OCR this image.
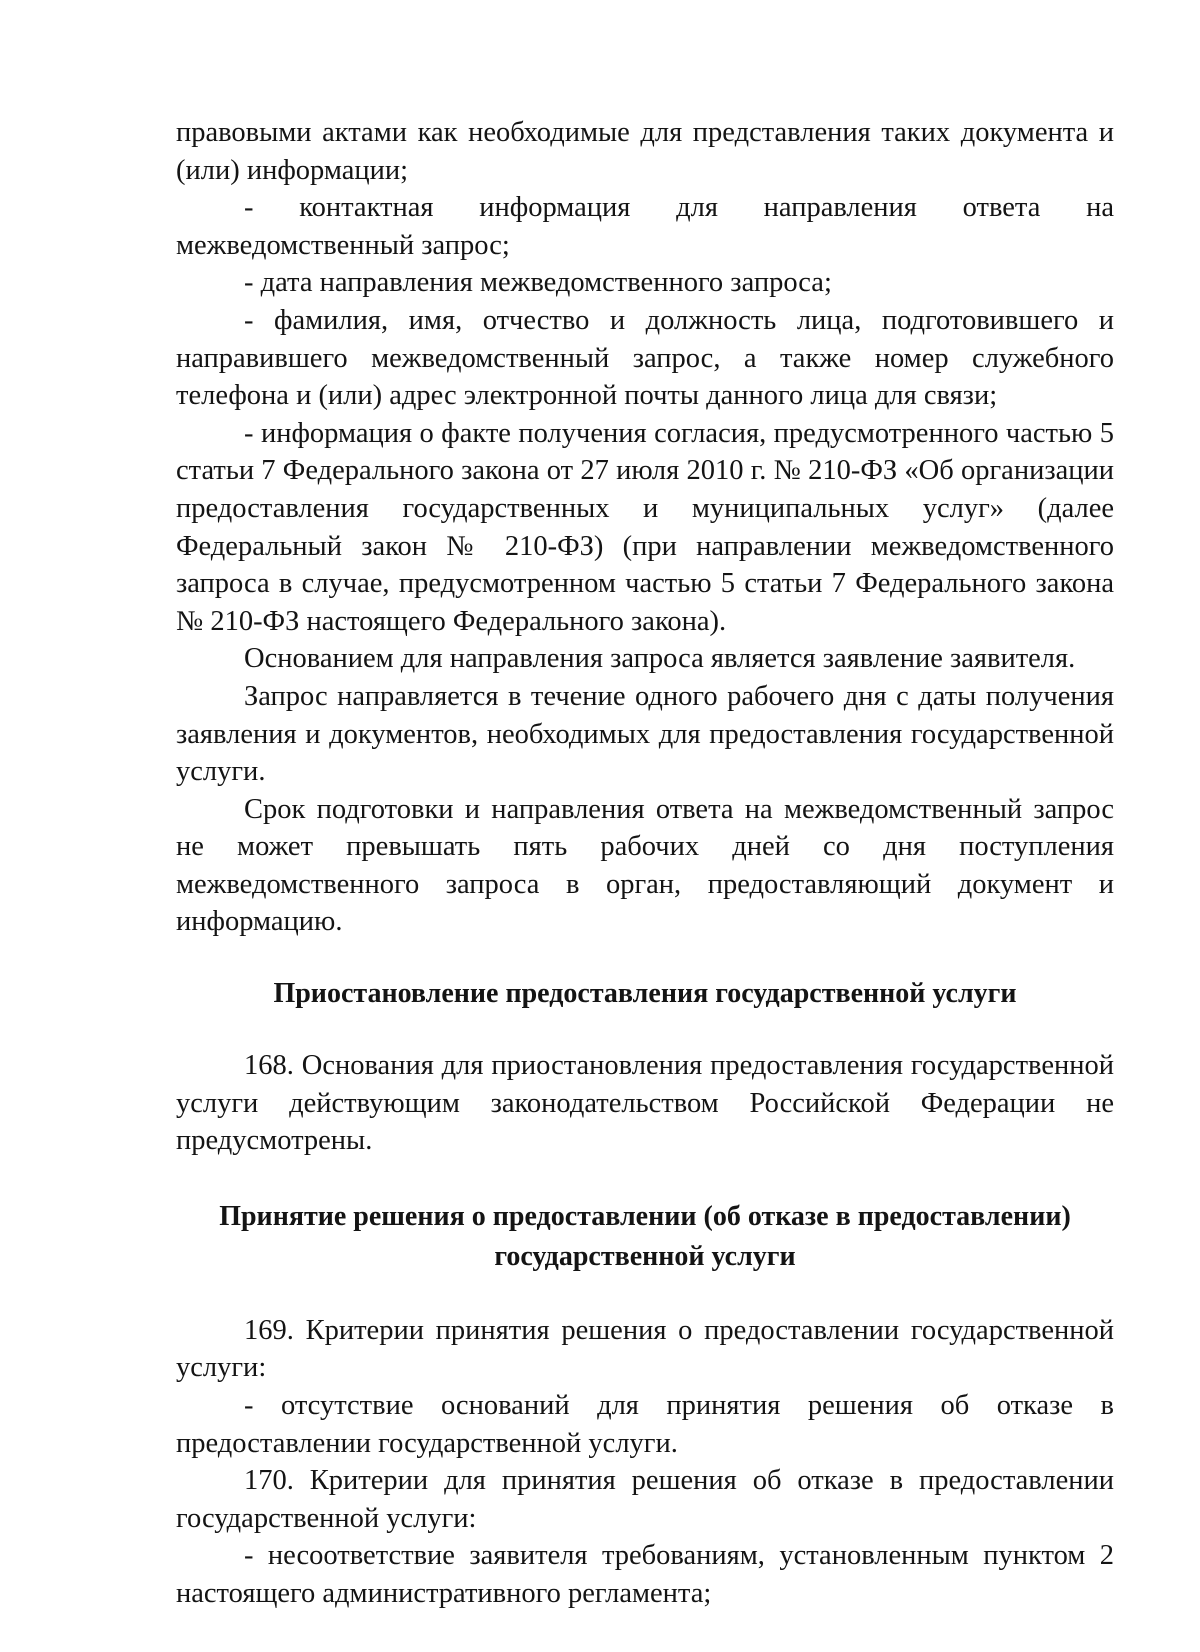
правовыми актами как необходимые для представления таких документа и (или) информации;

- контактная информация для направления ответа на межведомственный запрос;

- дата направления межведомственного запроса;

- фамилия, имя, отчество и должность лица, подготовившего и направившего межведомственный запрос, а также номер служебного телефона и (или) адрес электронной почты данного лица для связи;

- информация о факте получения согласия, предусмотренного частью 5 статьи 7 Федерального закона от 27 июля 2010 г. № 210-ФЗ «Об организации предоставления государственных и муниципальных услуг» (далее Федеральный закон № 210-ФЗ) (при направлении межведомственного запроса в случае, предусмотренном частью 5 статьи 7 Федерального закона № 210-ФЗ настоящего Федерального закона).

Основанием для направления запроса является заявление заявителя.

Запрос направляется в течение одного рабочего дня с даты получения заявления и документов, необходимых для предоставления государственной услуги.

Срок подготовки и направления ответа на межведомственный запрос не может превышать пять рабочих дней со дня поступления межведомственного запроса в орган, предоставляющий документ и информацию.

Приостановление предоставления государственной услуги

168. Основания для приостановления предоставления государственной услуги действующим законодательством Российской Федерации не предусмотрены.

Принятие решения о предоставлении (об отказе в предоставлении)

государственной услуги

169. Критерии принятия решения о предоставлении государственной услуги:

- отсутствие оснований для принятия решения об отказе в предоставлении государственной услуги.

170. Критерии для принятия решения об отказе в предоставлении государственной услуги:

- несоответствие заявителя требованиям, установленным пунктом 2 настоящего административного регламента;
